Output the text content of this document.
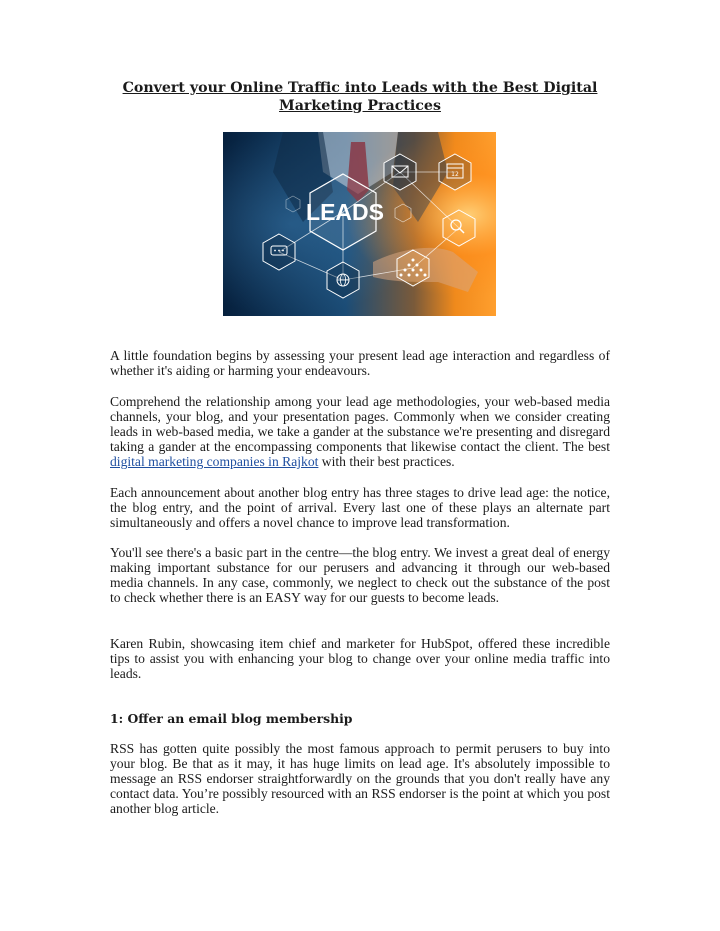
Convert your Online Traffic into Leads with the Best Digital Marketing Practices
LEADS
12

A little foundation begins by assessing your present lead age interaction and regardless of whether it's aiding or harming your endeavours.

Comprehend the relationship among your lead age methodologies, your web-based media channels, your blog, and your presentation pages. Commonly when we consider creating leads in web-based media, we take a gander at the substance we're presenting and disregard taking a gander at the encompassing components that likewise contact the client. The best digital marketing companies in Rajkot with their best practices.

Each announcement about another blog entry has three stages to drive lead age: the notice, the blog entry, and the point of arrival. Every last one of these plays an alternate part simultaneously and offers a novel chance to improve lead transformation.

You'll see there's a basic part in the centre—the blog entry. We invest a great deal of energy making important substance for our perusers and advancing it through our web-based media channels. In any case, commonly, we neglect to check out the substance of the post to check whether there is an EASY way for our guests to become leads.

Karen Rubin, showcasing item chief and marketer for HubSpot, offered these incredible tips to assist you with enhancing your blog to change over your online media traffic into leads.

1: Offer an email blog membership

RSS has gotten quite possibly the most famous approach to permit perusers to buy into your blog. Be that as it may, it has huge limits on lead age. It's absolutely impossible to message an RSS endorser straightforwardly on the grounds that you don't really have any contact data. You’re possibly resourced with an RSS endorser is the point at which you post another blog article.
